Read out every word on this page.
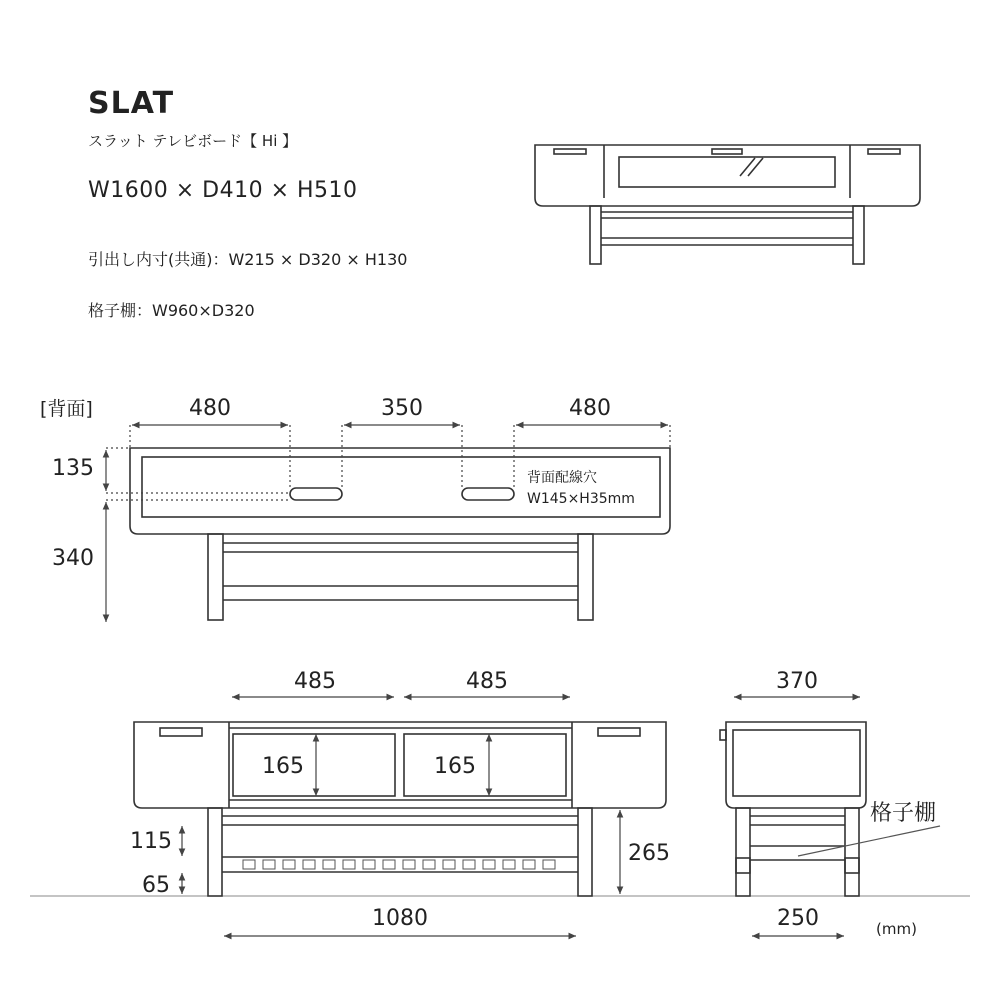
SLAT
スラット テレビボード【 Hi 】
W1600 × D410 × H510
引出し内寸(共通)：W215 × D320 × H130
格子棚：W960×D320
[背面]	480	350	480
135
340
背面配線穴
W145×H35mm
485	485
165	165
115
65
265
1080
370
250
格子棚
(mm)
